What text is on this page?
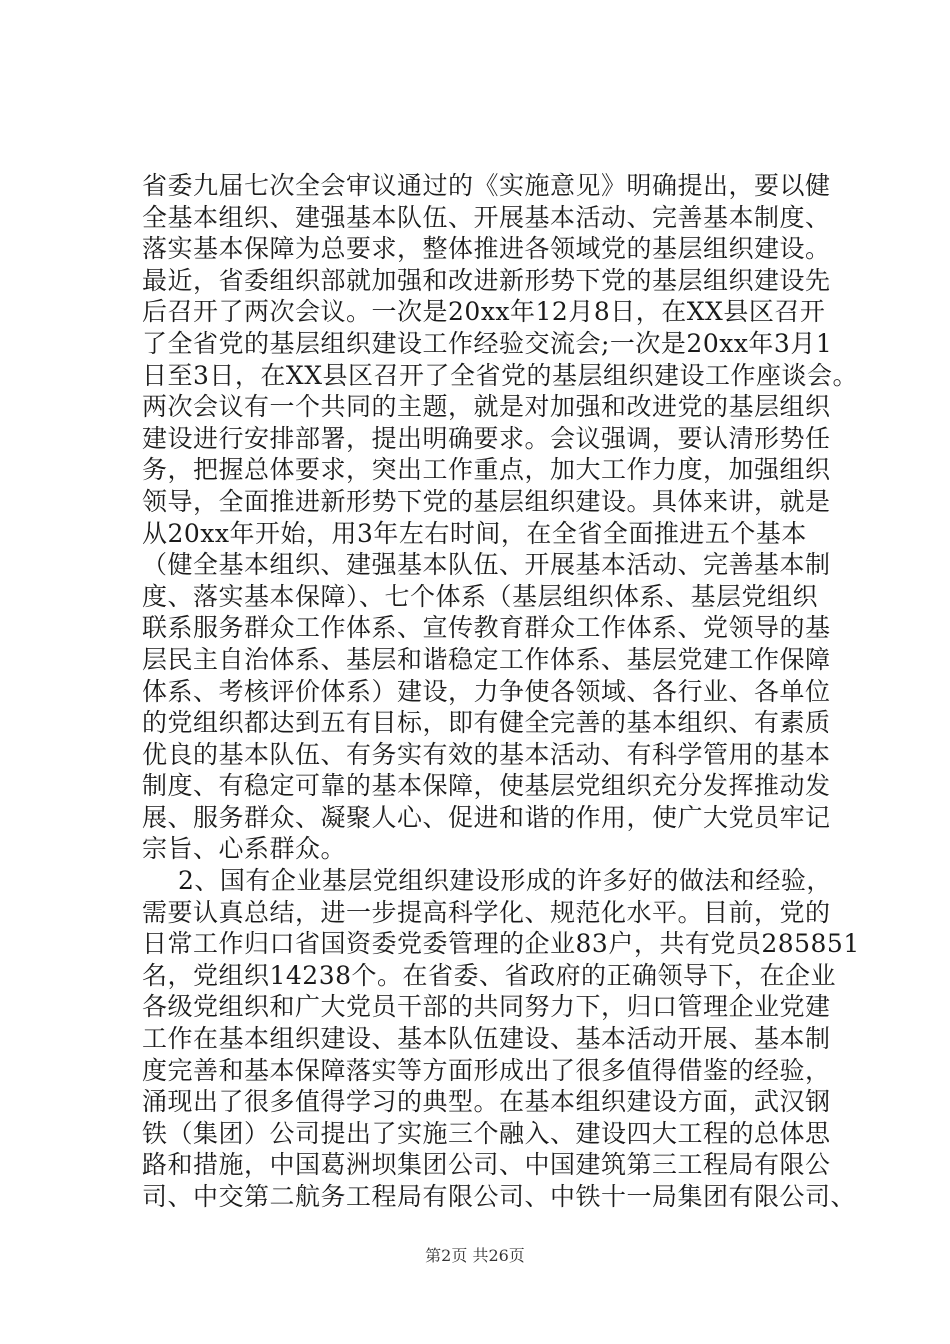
省委九届七次全会审议通过的《实施意见》明确提出，要以健
全基本组织、建强基本队伍、开展基本活动、完善基本制度、
落实基本保障为总要求，整体推进各领域党的基层组织建设。
最近，省委组织部就加强和改进新形势下党的基层组织建设先
后召开了两次会议。一次是20xx年12月8日，在XX县区召开
了全省党的基层组织建设工作经验交流会;一次是20xx年3月1
日至3日，在XX县区召开了全省党的基层组织建设工作座谈会。
两次会议有一个共同的主题，就是对加强和改进党的基层组织
建设进行安排部署，提出明确要求。会议强调，要认清形势任
务，把握总体要求，突出工作重点，加大工作力度，加强组织
领导，全面推进新形势下党的基层组织建设。具体来讲，就是
从20xx年开始，用3年左右时间，在全省全面推进五个基本
（健全基本组织、建强基本队伍、开展基本活动、完善基本制
度、落实基本保障）、七个体系（基层组织体系、基层党组织
联系服务群众工作体系、宣传教育群众工作体系、党领导的基
层民主自治体系、基层和谐稳定工作体系、基层党建工作保障
体系、考核评价体系）建设，力争使各领域、各行业、各单位
的党组织都达到五有目标，即有健全完善的基本组织、有素质
优良的基本队伍、有务实有效的基本活动、有科学管用的基本
制度、有稳定可靠的基本保障，使基层党组织充分发挥推动发
展、服务群众、凝聚人心、促进和谐的作用，使广大党员牢记
宗旨、心系群众。
2、国有企业基层党组织建设形成的许多好的做法和经验，
需要认真总结，进一步提高科学化、规范化水平。目前，党的
日常工作归口省国资委党委管理的企业83户，共有党员285851
名，党组织14238个。在省委、省政府的正确领导下，在企业
各级党组织和广大党员干部的共同努力下，归口管理企业党建
工作在基本组织建设、基本队伍建设、基本活动开展、基本制
度完善和基本保障落实等方面形成出了很多值得借鉴的经验，
涌现出了很多值得学习的典型。在基本组织建设方面，武汉钢
铁（集团）公司提出了实施三个融入、建设四大工程的总体思
路和措施，中国葛洲坝集团公司、中国建筑第三工程局有限公
司、中交第二航务工程局有限公司、中铁十一局集团有限公司、
第2页 共26页
